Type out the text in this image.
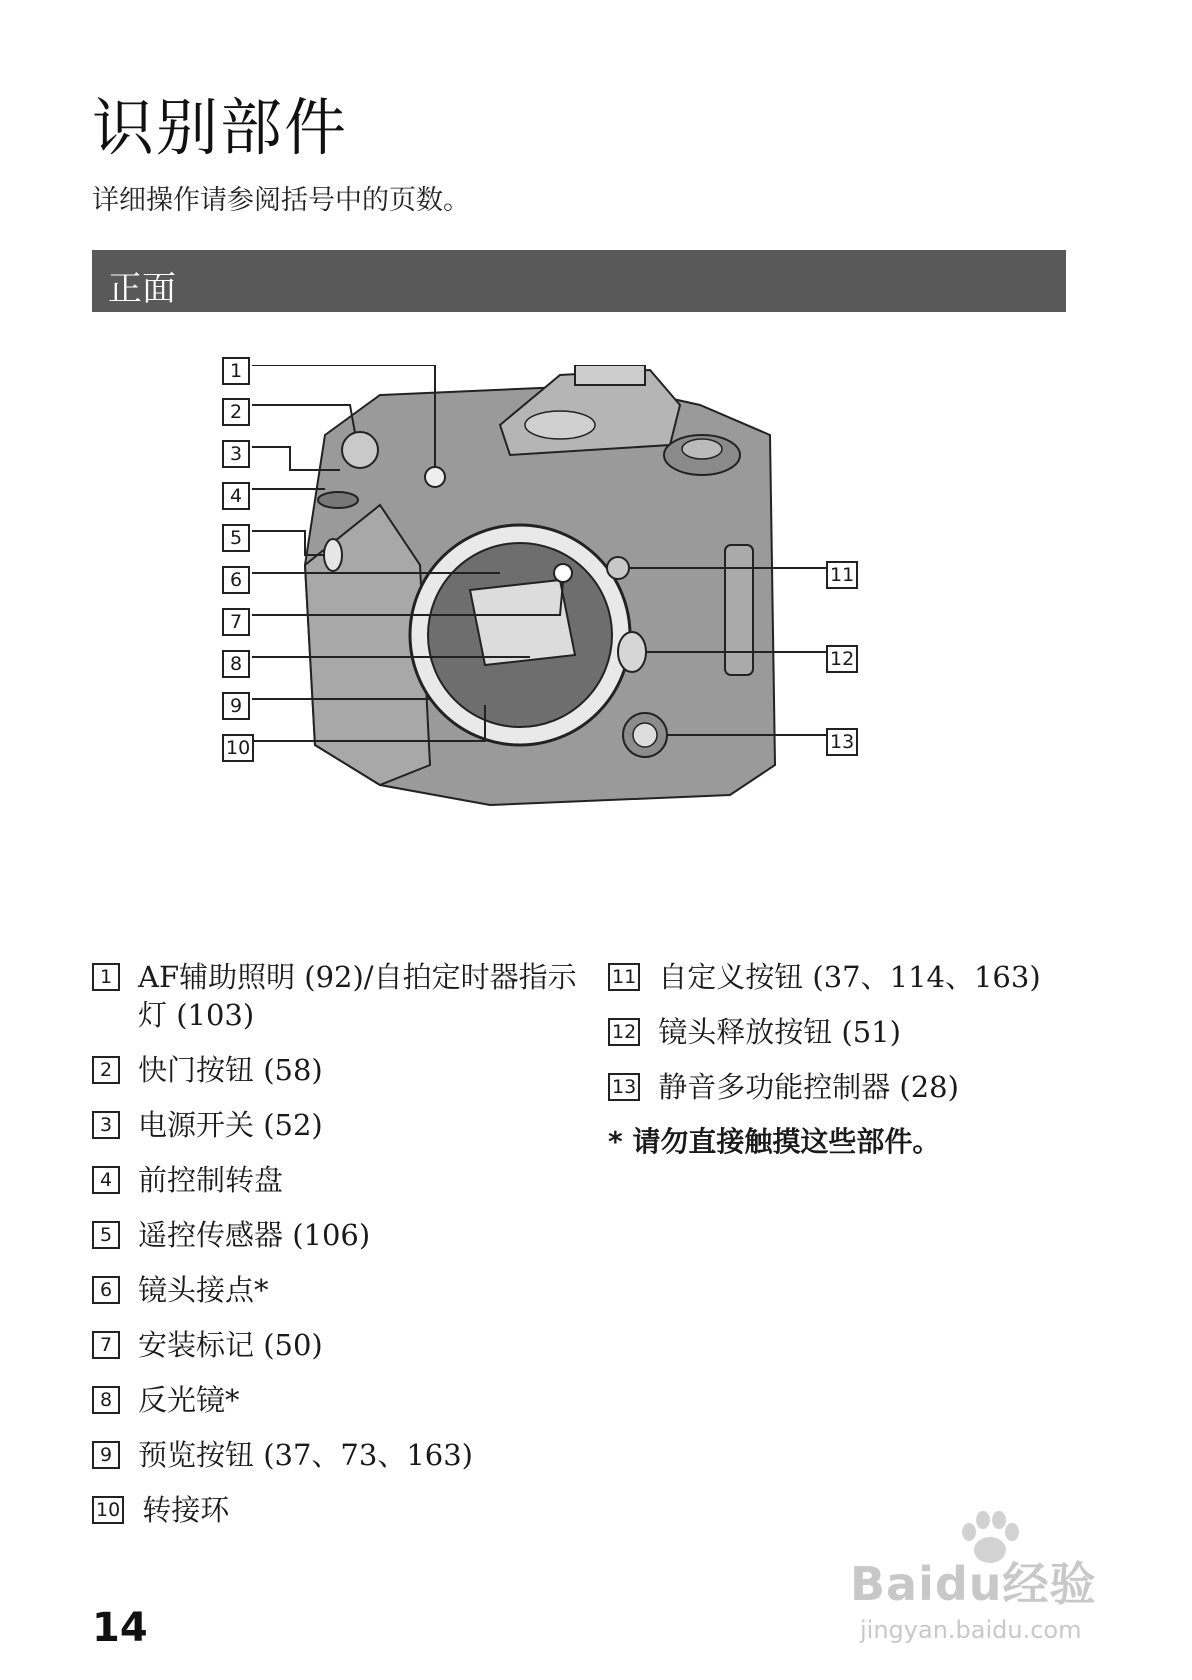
识别部件
详细操作请参阅括号中的页数。
正面
1
2
3
4
5
6
7
8
9
10
11
12
13
1 AF辅助照明 (92)/自拍定时器指示灯 (103)
2 快门按钮 (58)
3 电源开关 (52)
4 前控制转盘
5 遥控传感器 (106)
6 镜头接点*
7 安装标记 (50)
8 反光镜*
9 预览按钮 (37、73、163)
10 转接环
11 自定义按钮 (37、114、163)
12 镜头释放按钮 (51)
13 静音多功能控制器 (28)
* 请勿直接触摸这些部件。
14
Baidu经验
jingyan.baidu.com
